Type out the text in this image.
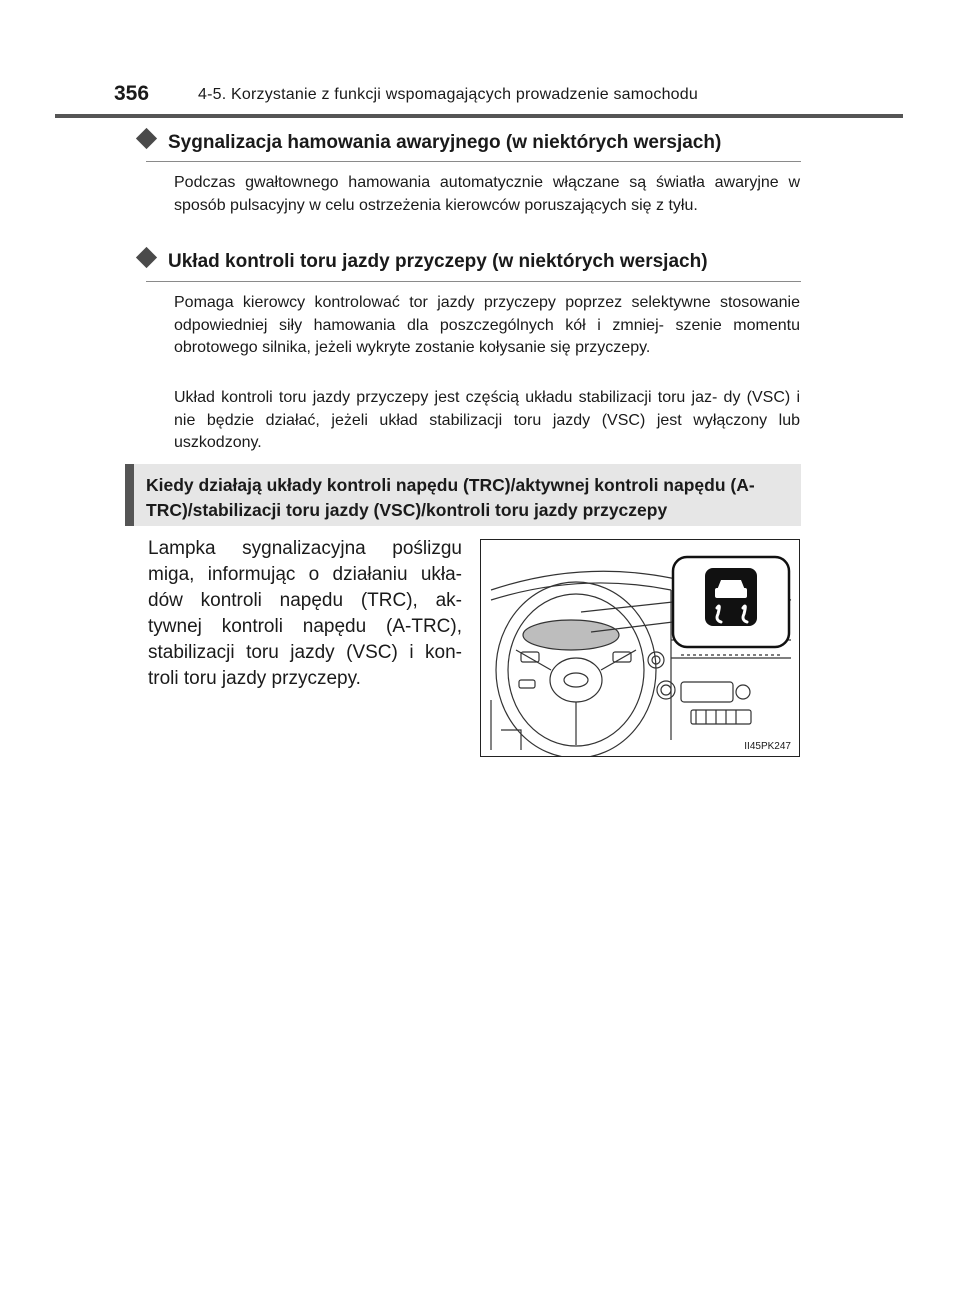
356	4-5. Korzystanie z funkcji wspomagających prowadzenie samochodu
Sygnalizacja hamowania awaryjnego (w niektórych wersjach)

Podczas gwałtownego hamowania automatycznie włączane są światła awaryjne w sposób pulsacyjny w celu ostrzeżenia kierowców poruszających się z tyłu.

Układ kontroli toru jazdy przyczepy (w niektórych wersjach)

Pomaga kierowcy kontrolować tor jazdy przyczepy poprzez selektywne stosowanie odpowiedniej siły hamowania dla poszczególnych kół i zmniej- szenie momentu obrotowego silnika, jeżeli wykryte zostanie kołysanie się przyczepy.

Układ kontroli toru jazdy przyczepy jest częścią układu stabilizacji toru jaz- dy (VSC) i nie będzie działać, jeżeli układ stabilizacji toru jazdy (VSC) jest wyłączony lub uszkodzony.

Kiedy działają układy kontroli napędu (TRC)/aktywnej kontroli napędu (A-TRC)/stabilizacji toru jazdy (VSC)/kontroli toru jazdy przyczepy

Lampka sygnalizacyjna poślizgu miga, informując o działaniu ukła- dów kontroli napędu (TRC), ak- tywnej kontroli napędu (A-TRC), stabilizacji toru jazdy (VSC) i kon- troli toru jazdy przyczepy.

II45PK247
